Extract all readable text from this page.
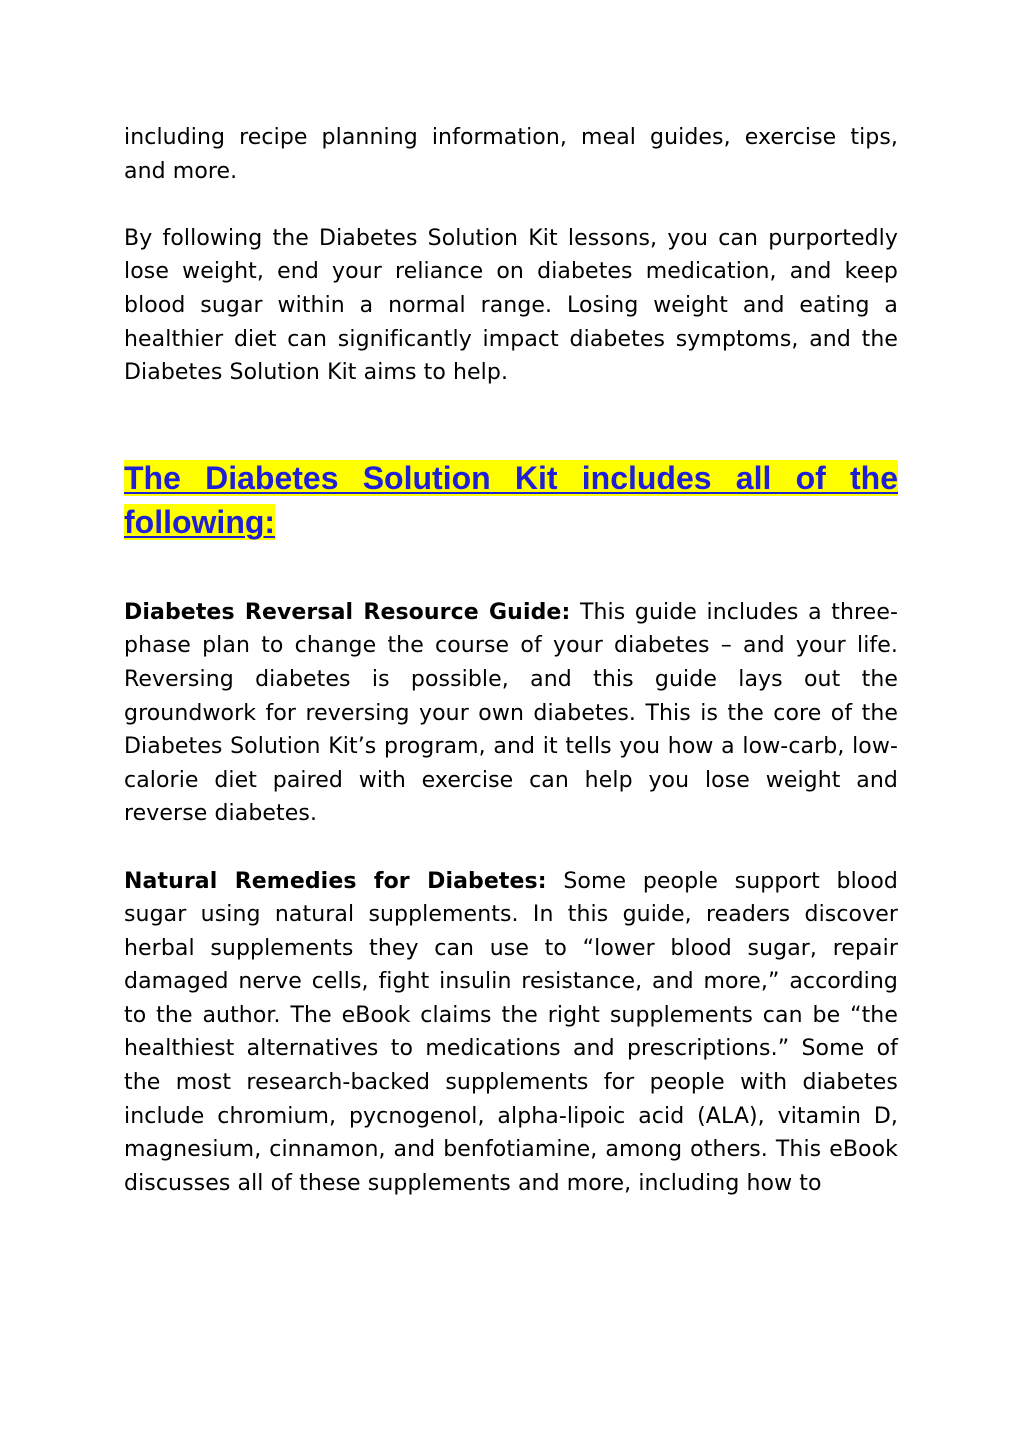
including recipe planning information, meal guides, exercise tips, and more.

By following the Diabetes Solution Kit lessons, you can purportedly lose weight, end your reliance on diabetes medication, and keep blood sugar within a normal range. Losing weight and eating a healthier diet can significantly impact diabetes symptoms, and the Diabetes Solution Kit aims to help.

The Diabetes Solution Kit includes all of the following:

Diabetes Reversal Resource Guide: This guide includes a three-phase plan to change the course of your diabetes – and your life. Reversing diabetes is possible, and this guide lays out the groundwork for reversing your own diabetes. This is the core of the Diabetes Solution Kit’s program, and it tells you how a low-carb, low-calorie diet paired with exercise can help you lose weight and reverse diabetes.

Natural Remedies for Diabetes: Some people support blood sugar using natural supplements. In this guide, readers discover herbal supplements they can use to “lower blood sugar, repair damaged nerve cells, fight insulin resistance, and more,” according to the author. The eBook claims the right supplements can be “the healthiest alternatives to medications and prescriptions.” Some of the most research-backed supplements for people with diabetes include chromium, pycnogenol, alpha-lipoic acid (ALA), vitamin D, magnesium, cinnamon, and benfotiamine, among others. This eBook discusses all of these supplements and more, including how to
